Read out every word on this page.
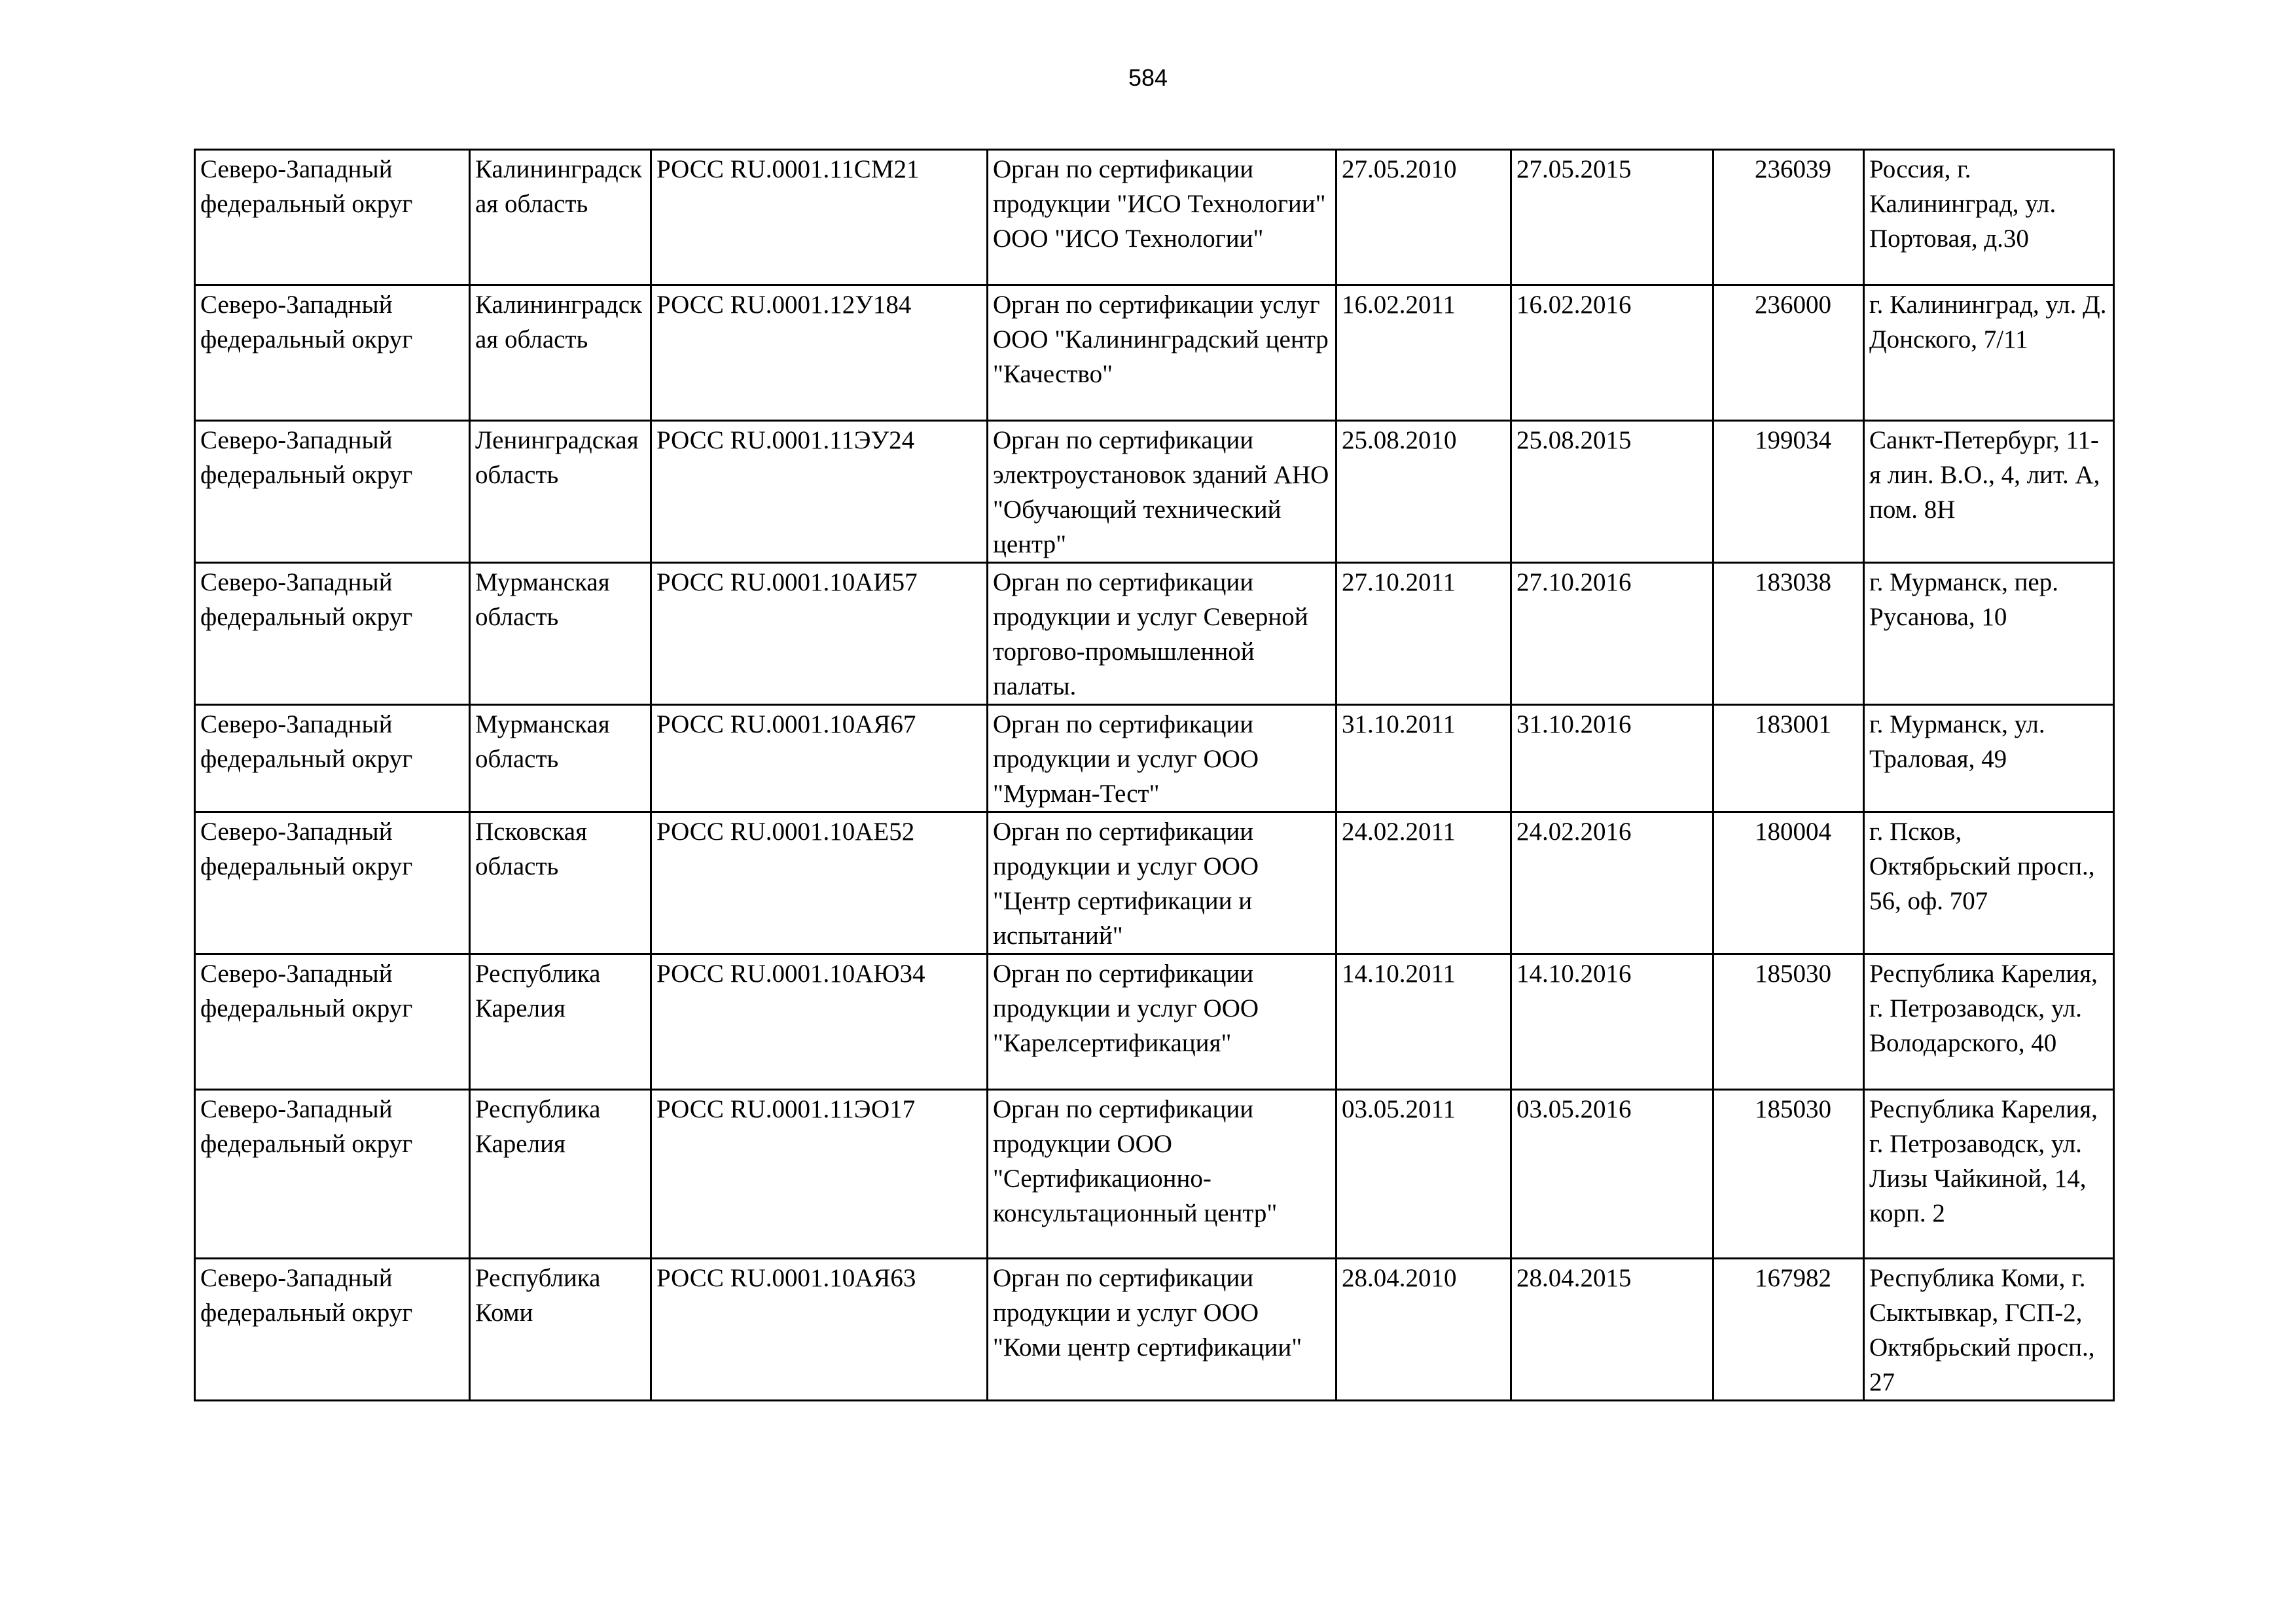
584
Северо-Западный федеральный округ	Калининградская область	РОСС RU.0001.11СМ21	Орган по сертификации продукции "ИСО Технологии" ООО "ИСО Технологии"	27.05.2010	27.05.2015	236039	Россия, г. Калининград, ул. Портовая, д.30
Северо-Западный федеральный округ	Калининградская область	РОСС RU.0001.12У184	Орган по сертификации услуг ООО "Калининградский центр "Качество"	16.02.2011	16.02.2016	236000	г. Калининград, ул. Д. Донского, 7/11
Северо-Западный федеральный округ	Ленинградская область	РОСС RU.0001.11ЭУ24	Орган по сертификации электроустановок зданий АНО "Обучающий технический центр"	25.08.2010	25.08.2015	199034	Санкт-Петербург, 11-я лин. В.О., 4, лит. А, пом. 8Н
Северо-Западный федеральный округ	Мурманская область	РОСС RU.0001.10АИ57	Орган по сертификации продукции и услуг Северной торгово-промышленной палаты.	27.10.2011	27.10.2016	183038	г. Мурманск, пер. Русанова, 10
Северо-Западный федеральный округ	Мурманская область	РОСС RU.0001.10АЯ67	Орган по сертификации продукции и услуг ООО "Мурман-Тест"	31.10.2011	31.10.2016	183001	г. Мурманск, ул. Траловая, 49
Северо-Западный федеральный округ	Псковская область	РОСС RU.0001.10АЕ52	Орган по сертификации продукции и услуг ООО "Центр сертификации и испытаний"	24.02.2011	24.02.2016	180004	г. Псков, Октябрьский просп., 56, оф. 707
Северо-Западный федеральный округ	Республика Карелия	РОСС RU.0001.10АЮ34	Орган по сертификации продукции и услуг ООО "Карелсертификация"	14.10.2011	14.10.2016	185030	Республика Карелия, г. Петрозаводск, ул. Володарского, 40
Северо-Западный федеральный округ	Республика Карелия	РОСС RU.0001.11ЭО17	Орган по сертификации продукции ООО "Сертификационно-консультационный центр"	03.05.2011	03.05.2016	185030	Республика Карелия, г. Петрозаводск, ул. Лизы Чайкиной, 14, корп. 2
Северо-Западный федеральный округ	Республика Коми	РОСС RU.0001.10АЯ63	Орган по сертификации продукции и услуг ООО "Коми центр сертификации"	28.04.2010	28.04.2015	167982	Республика Коми, г. Сыктывкар, ГСП-2, Октябрьский просп., 27
